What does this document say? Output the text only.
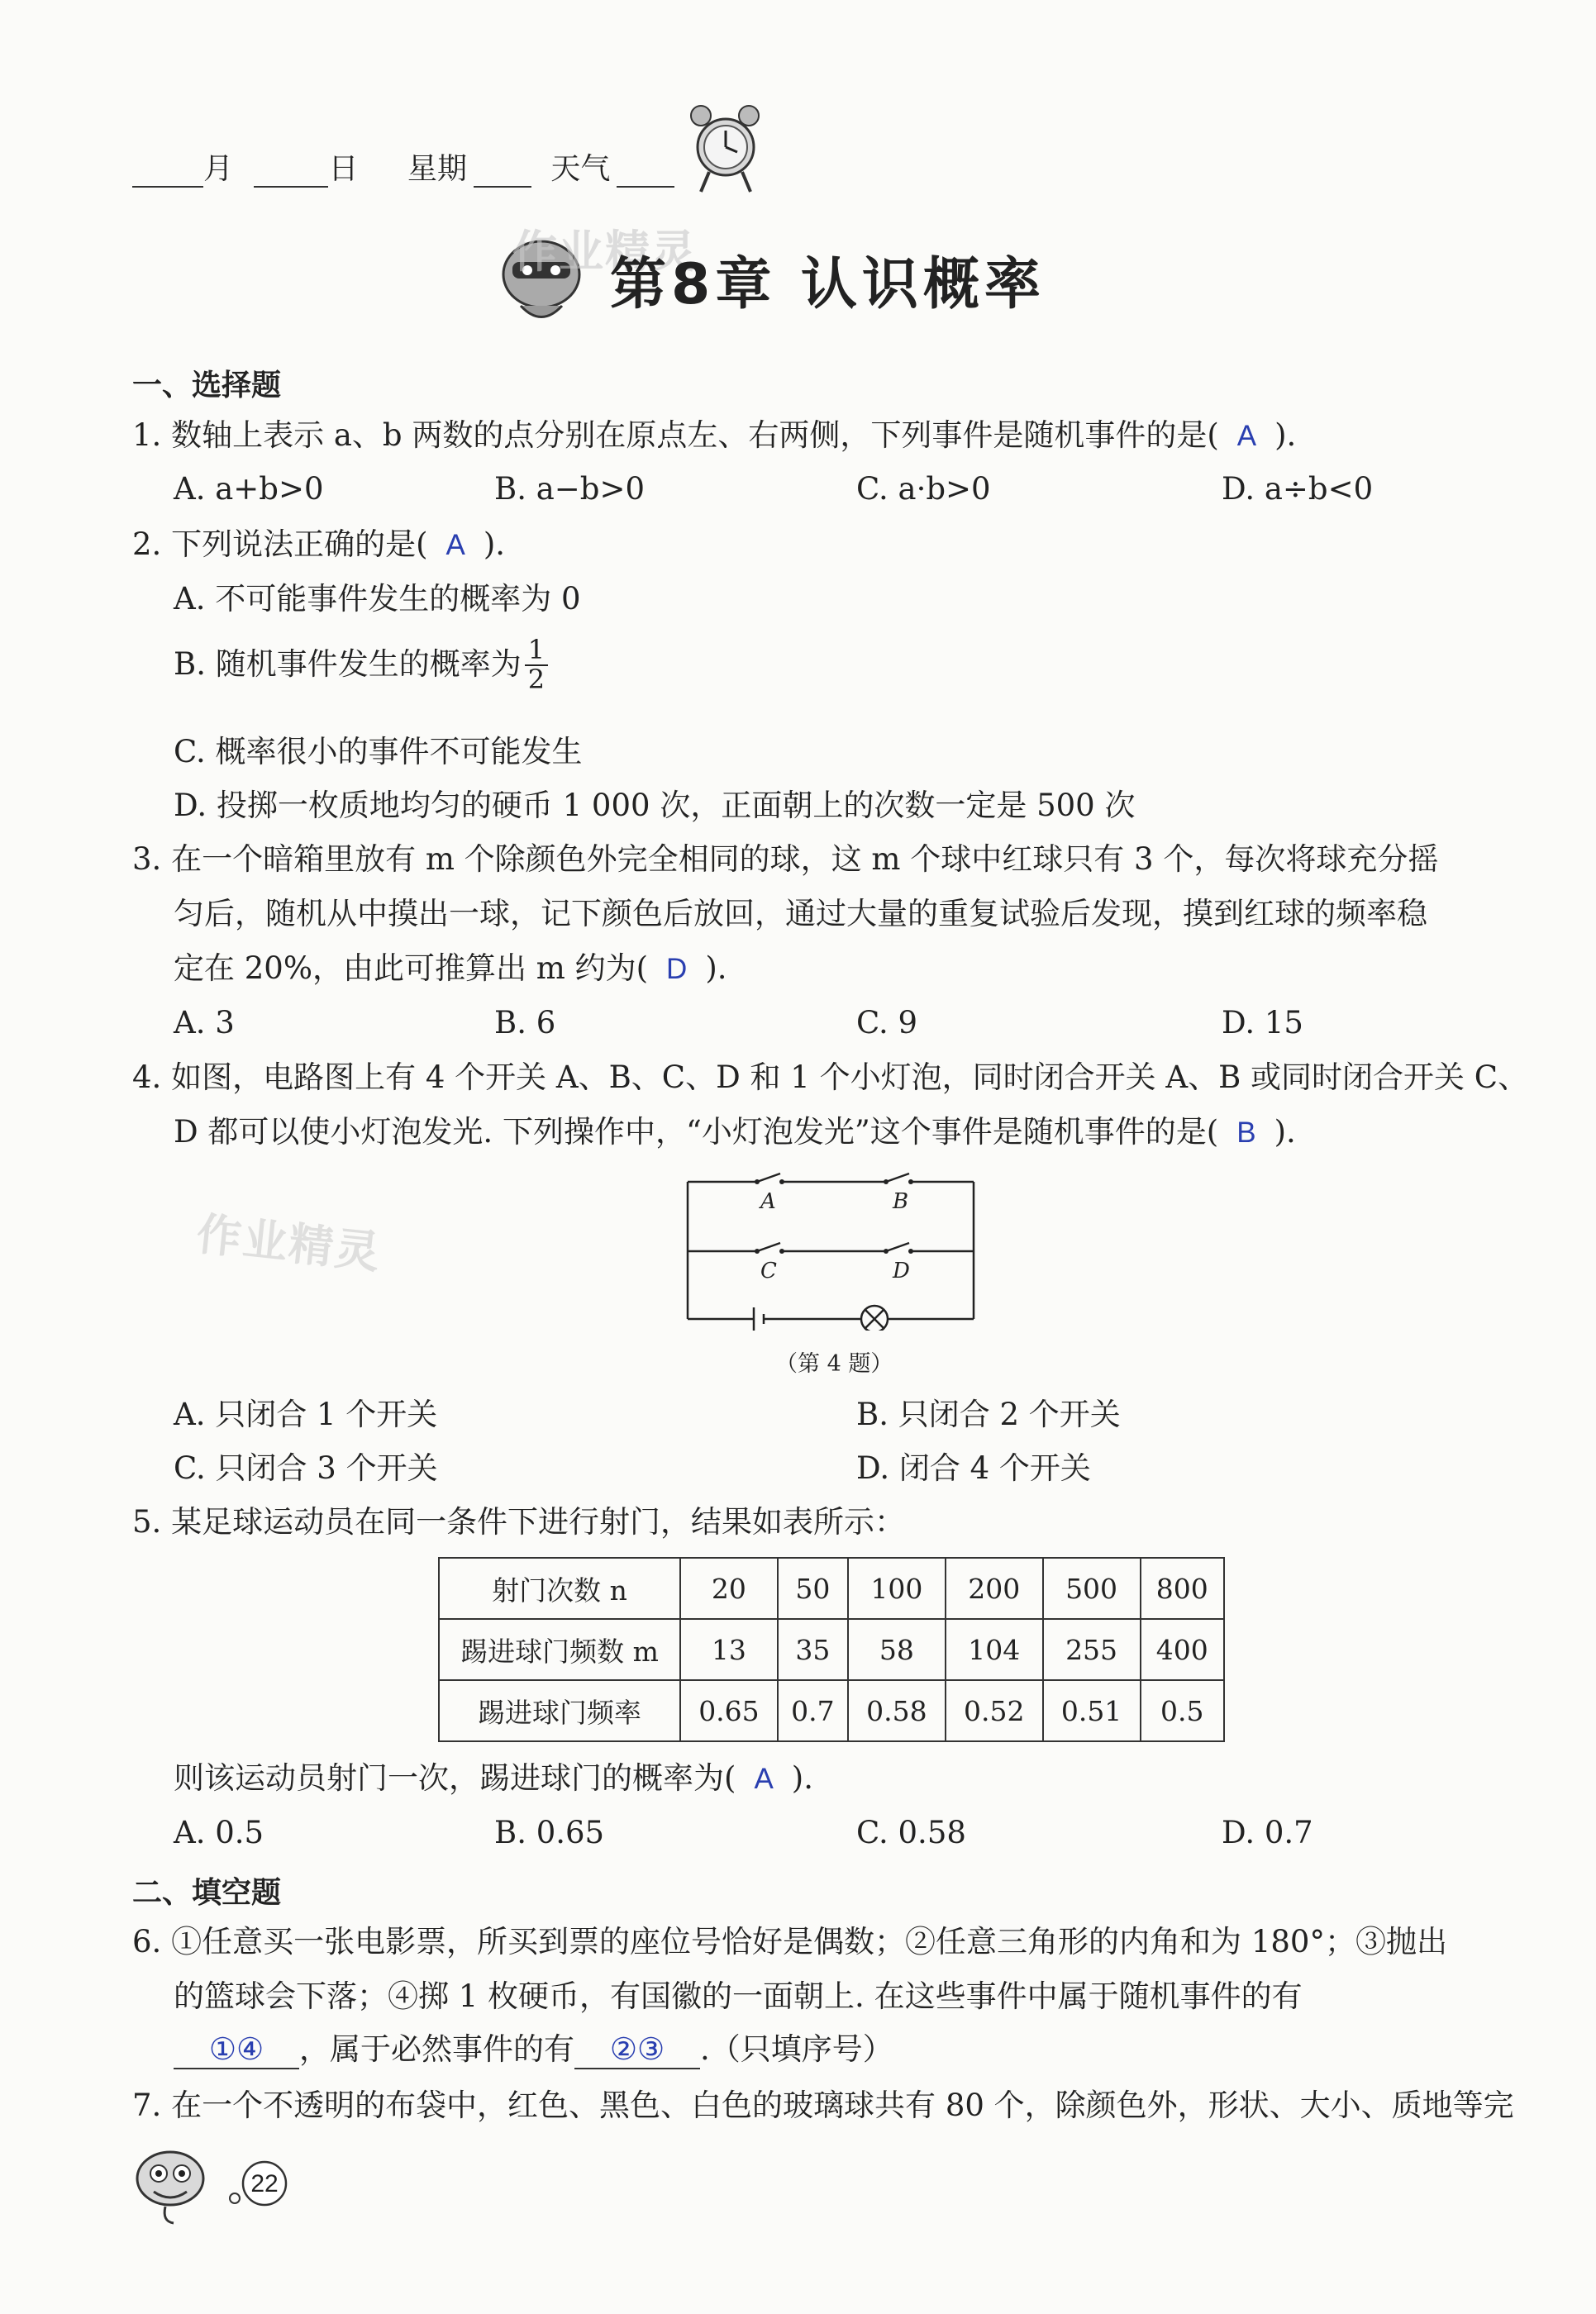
月	日 星期	天气
作业精灵
第8章 认识概率
一、选择题
1. 数轴上表示 a、b 两数的点分别在原点左、右两侧，下列事件是随机事件的是( A ).
A. a+b>0	B. a−b>0	C. a·b>0	D. a÷b<0
2. 下列说法正确的是( A ).
A. 不可能事件发生的概率为 0
B. 随机事件发生的概率为 $\frac{1}{2}$
C. 概率很小的事件不可能发生
D. 投掷一枚质地均匀的硬币 1 000 次，正面朝上的次数一定是 500 次
3. 在一个暗箱里放有 m 个除颜色外完全相同的球，这 m 个球中红球只有 3 个，每次将球充分摇
匀后，随机从中摸出一球，记下颜色后放回，通过大量的重复试验后发现，摸到红球的频率稳
定在 20%，由此可推算出 m 约为( D ).
A. 3	B. 6	C. 9	D. 15
4. 如图，电路图上有 4 个开关 A、B、C、D 和 1 个小灯泡，同时闭合开关 A、B 或同时闭合开关 C、
D 都可以使小灯泡发光. 下列操作中，“小灯泡发光”这个事件是随机事件的是( B ).
作业精灵
A	B
C	D
（第 4 题）
A. 只闭合 1 个开关	B. 只闭合 2 个开关
C. 只闭合 3 个开关	D. 闭合 4 个开关
5. 某足球运动员在同一条件下进行射门，结果如表所示：
射门次数 n	20	50	100	200	500	800
踢进球门频数 m	13	35	58	104	255	400
踢进球门频率	0.65	0.7	0.58	0.52	0.51	0.5
则该运动员射门一次，踢进球门的概率为( A ).
A. 0.5	B. 0.65	C. 0.58	D. 0.7
二、填空题
6. ①任意买一张电影票，所买到票的座位号恰好是偶数；②任意三角形的内角和为 180°；③抛出
的篮球会下落；④掷 1 枚硬币，有国徽的一面朝上. 在这些事件中属于随机事件的有
①④ ，属于必然事件的有 ②③ .（只填序号）
7. 在一个不透明的布袋中，红色、黑色、白色的玻璃球共有 80 个，除颜色外，形状、大小、质地等完
22
